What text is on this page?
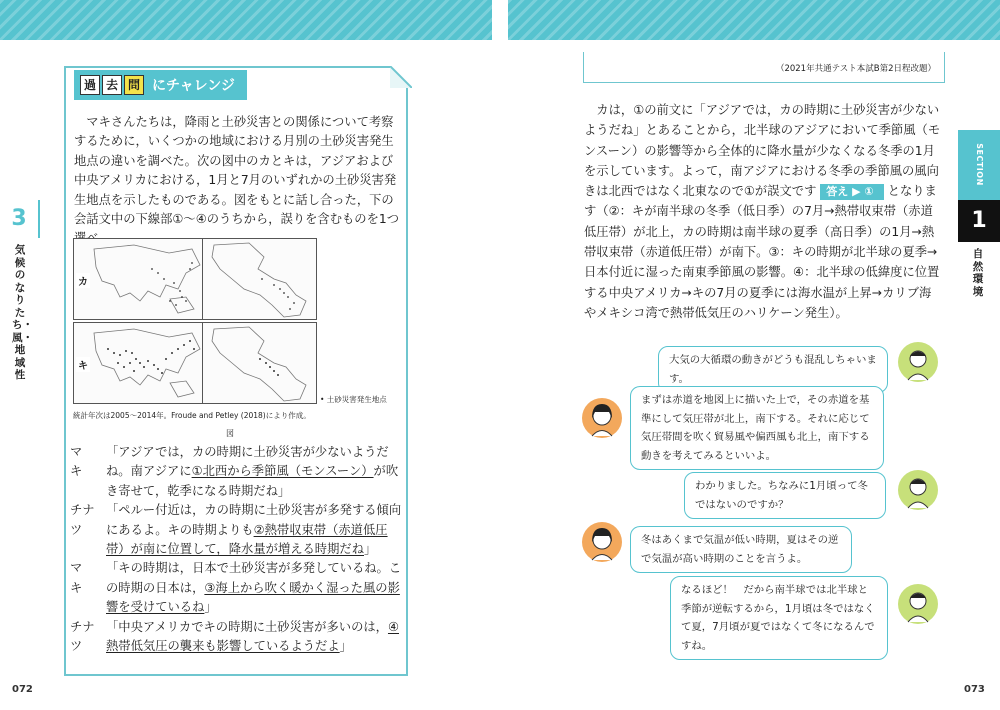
3
気候のなりたち・風・地域性
過 去 問 にチャレンジ

マキさんたちは，降雨と土砂災害との関係について考察するために，いくつかの地域における月別の土砂災害発生地点の違いを調べた。次の図中のカとキは，アジアおよび中央アメリカにおける，1月と7月のいずれかの土砂災害発生地点を示したものである。図をもとに話し合った，下の会話文中の下線部①～④のうちから，誤りを含むものを1つ

カ
キ
• 土砂災害発生地点
統計年次は2005～2014年。Froude and Petley (2018)により作成。
図
マ　キ
「アジアでは，カの時期に土砂災害が少ないようだね。南アジアに①北西から季節風（モンスーン）が吹き寄せて，乾季になる時期だね」
チナツ
「ペルー付近は，カの時期に土砂災害が多発する傾向にあるよ。キの時期よりも②熱帯収束帯（赤道低圧帯）が南に位置して，降水量が増える時期だね」
マ　キ
「キの時期は，日本で土砂災害が多発しているね。この時期の日本は，③海上から吹く暖かく湿った風の影響を受けているね」
チナツ
「中央アメリカでキの時期に土砂災害が多いのは，④熱帯低気圧の襲来も影響しているようだよ」
072
（2021年共通テスト本試B第2日程改題）

カは，①の前文に「アジアでは，カの時期に土砂災害が少ないようだね」とあることから，北半球のアジアにおいて季節風（モンスーン）の影響等から全体的に降水量が少なくなる冬季の1月を示しています。よって，南アジアにおける冬季の季節風の風向きは北西ではなく北東なので①が誤文です 答え ▶ ① となります（②：キが南半球の冬季（低日季）の7月→熱帯収束帯（赤道低圧帯）が北上，カの時期は南半球の夏季（高日季）の1月→熱帯収束帯（赤道低圧帯）が南下。③：キの時期が北半球の夏季→日本付近に湿った南東季節風の影響。④：北半球の低緯度に位置する中央アメリカ→キの7月の夏季には海水温が上昇→カリブ海やメキシコ湾で熱帯低気圧のハリケーン発生）。

SECTION
1
自然環境
大気の大循環の動きがどうも混乱しちゃいます。
まずは赤道を地図上に描いた上で，その赤道を基準にして気圧帯が北上，南下する。それに応じて気圧帯間を吹く貿易風や偏西風も北上，南下する動きを考えてみるといいよ。
わかりました。ちなみに1月頃って冬ではないのですか？
冬はあくまで気温が低い時期，夏はその逆で気温が高い時期のことを言うよ。
なるほど！　だから南半球では北半球と季節が逆転するから，1月頃は冬ではなくて夏，7月頃が夏ではなくて冬になるんですね。
073
